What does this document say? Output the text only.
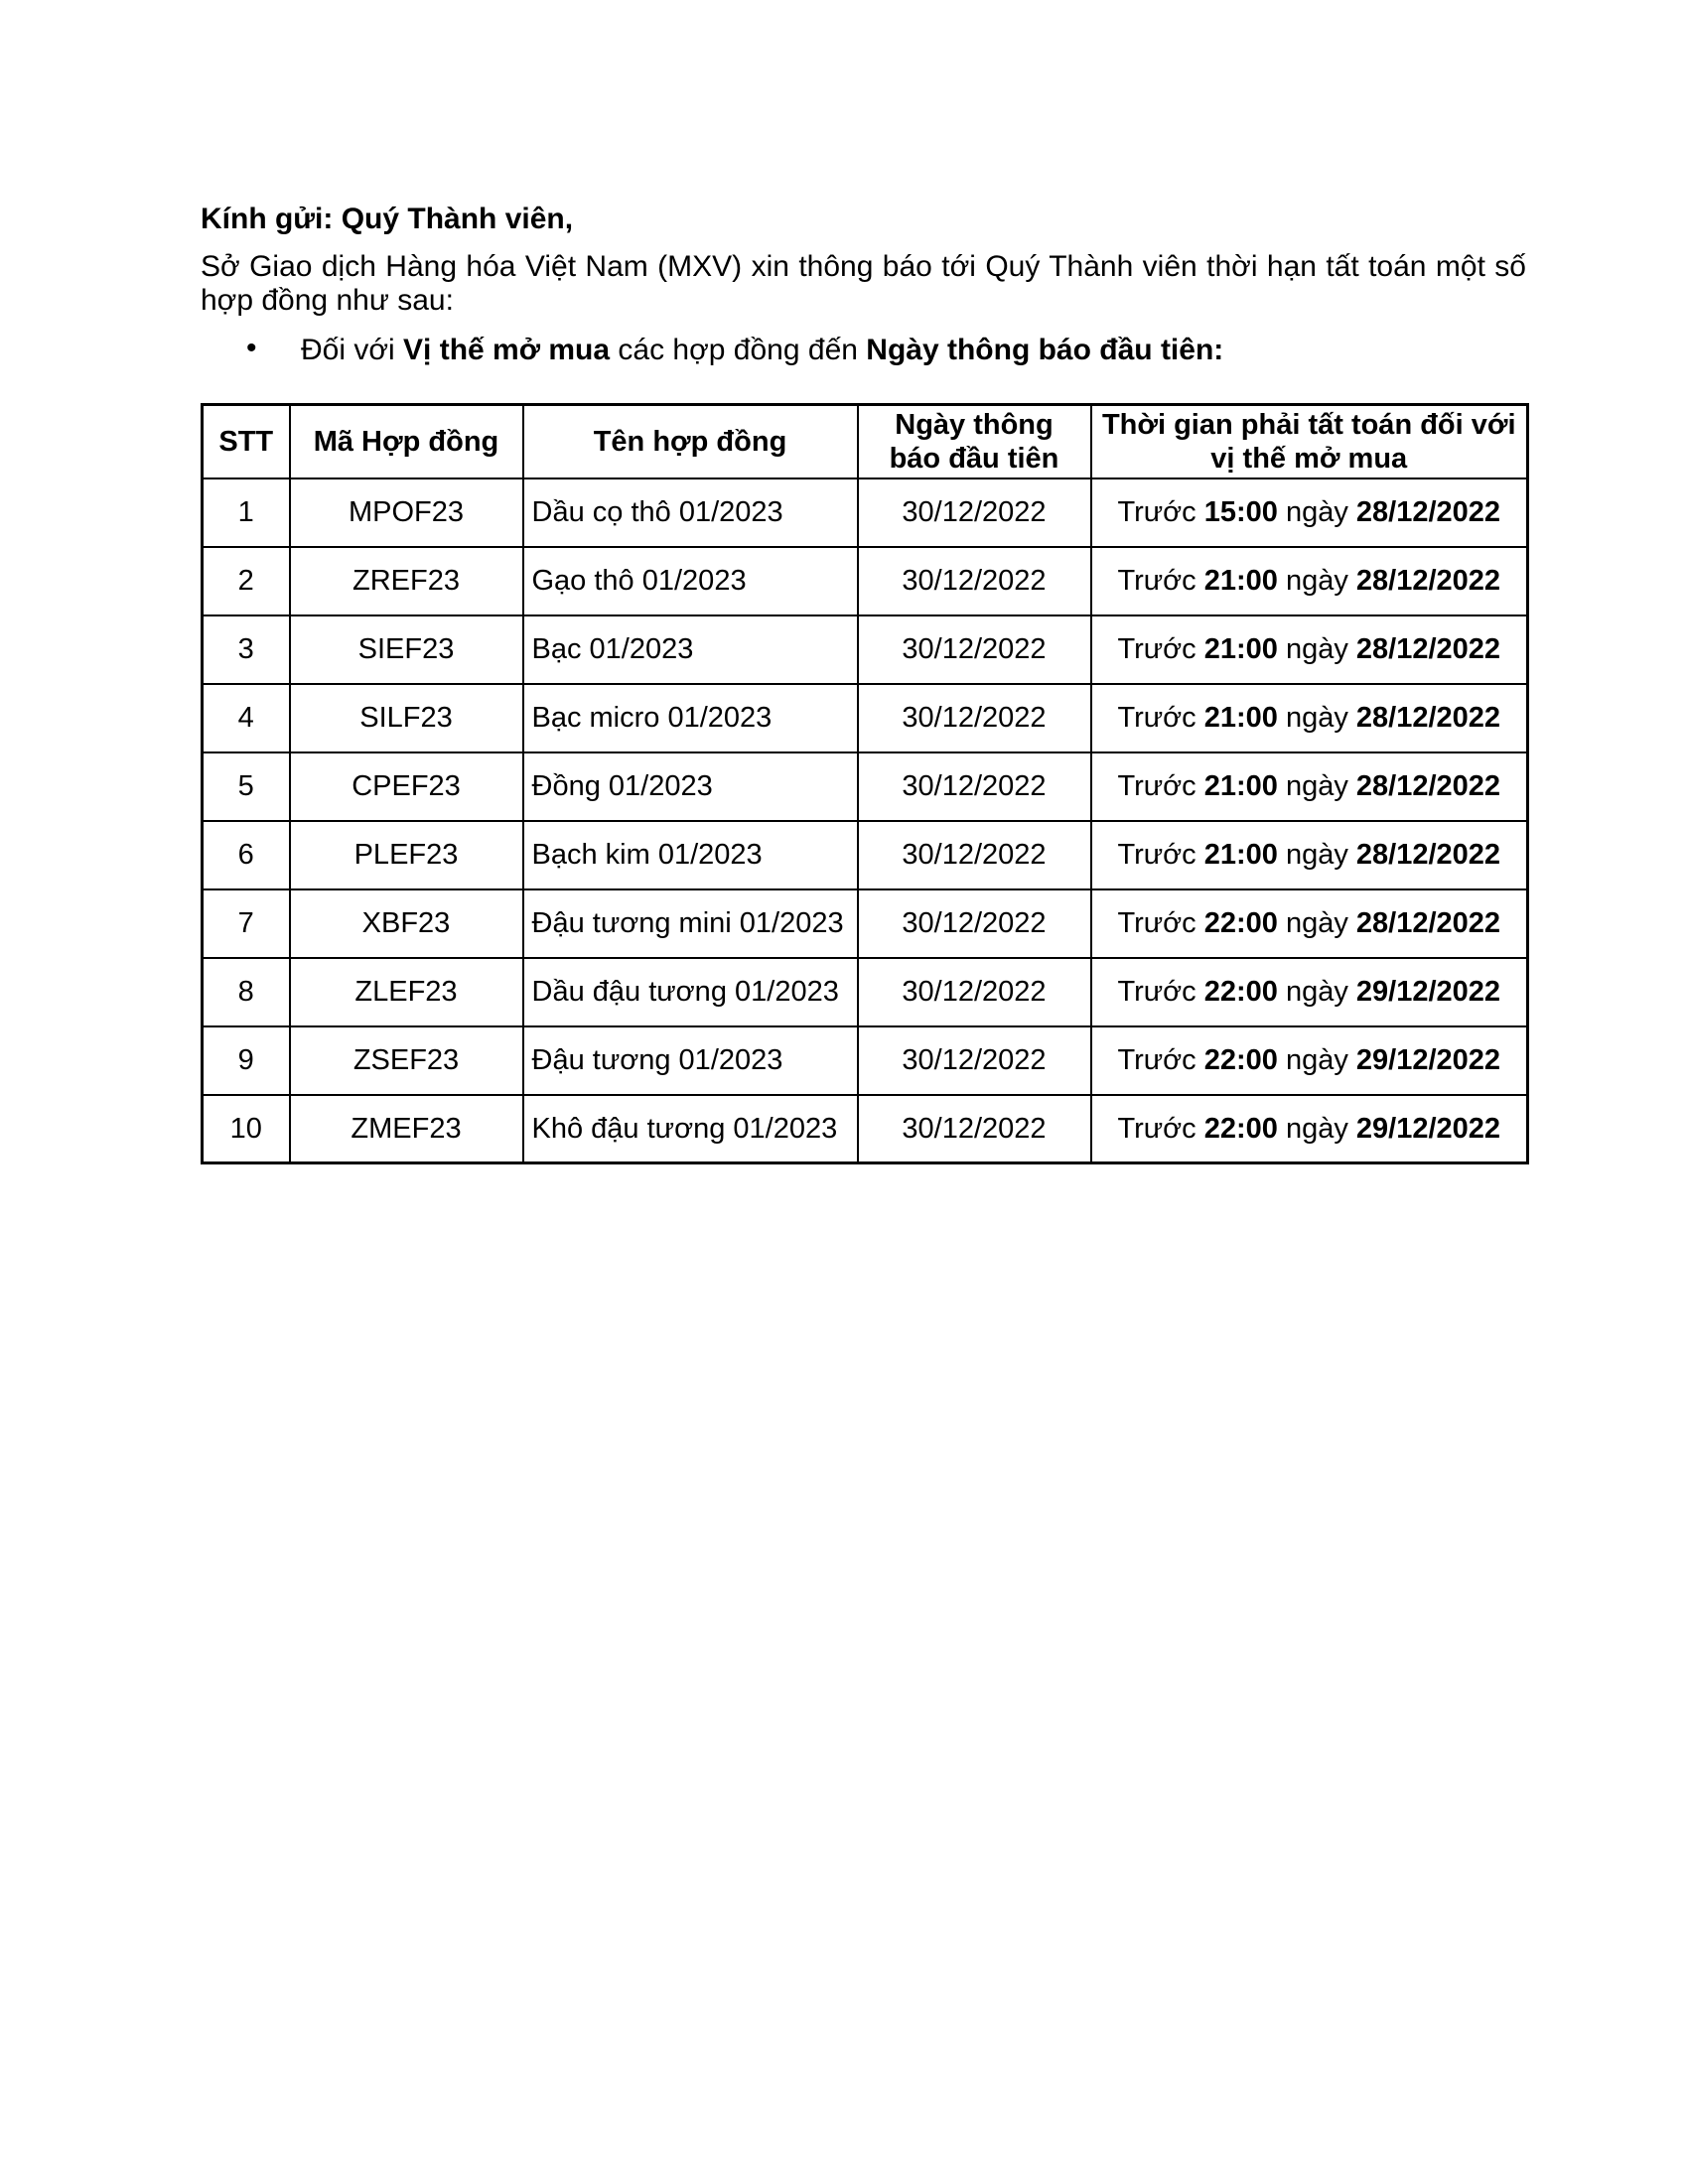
Kính gửi: Quý Thành viên,

Sở Giao dịch Hàng hóa Việt Nam (MXV) xin thông báo tới Quý Thành viên thời hạn tất toán một số hợp đồng như sau:

• Đối với Vị thế mở mua các hợp đồng đến Ngày thông báo đầu tiên:
STT	Mã Hợp đồng	Tên hợp đồng	Ngày thông báo đầu tiên	Thời gian phải tất toán đối với vị thế mở mua
1	MPOF23	Dầu cọ thô 01/2023	30/12/2022	Trước 15:00 ngày 28/12/2022
2	ZREF23	Gạo thô 01/2023	30/12/2022	Trước 21:00 ngày 28/12/2022
3	SIEF23	Bạc 01/2023	30/12/2022	Trước 21:00 ngày 28/12/2022
4	SILF23	Bạc micro 01/2023	30/12/2022	Trước 21:00 ngày 28/12/2022
5	CPEF23	Đồng 01/2023	30/12/2022	Trước 21:00 ngày 28/12/2022
6	PLEF23	Bạch kim 01/2023	30/12/2022	Trước 21:00 ngày 28/12/2022
7	XBF23	Đậu tương mini 01/2023	30/12/2022	Trước 22:00 ngày 28/12/2022
8	ZLEF23	Dầu đậu tương 01/2023	30/12/2022	Trước 22:00 ngày 29/12/2022
9	ZSEF23	Đậu tương 01/2023	30/12/2022	Trước 22:00 ngày 29/12/2022
10	ZMEF23	Khô đậu tương 01/2023	30/12/2022	Trước 22:00 ngày 29/12/2022
